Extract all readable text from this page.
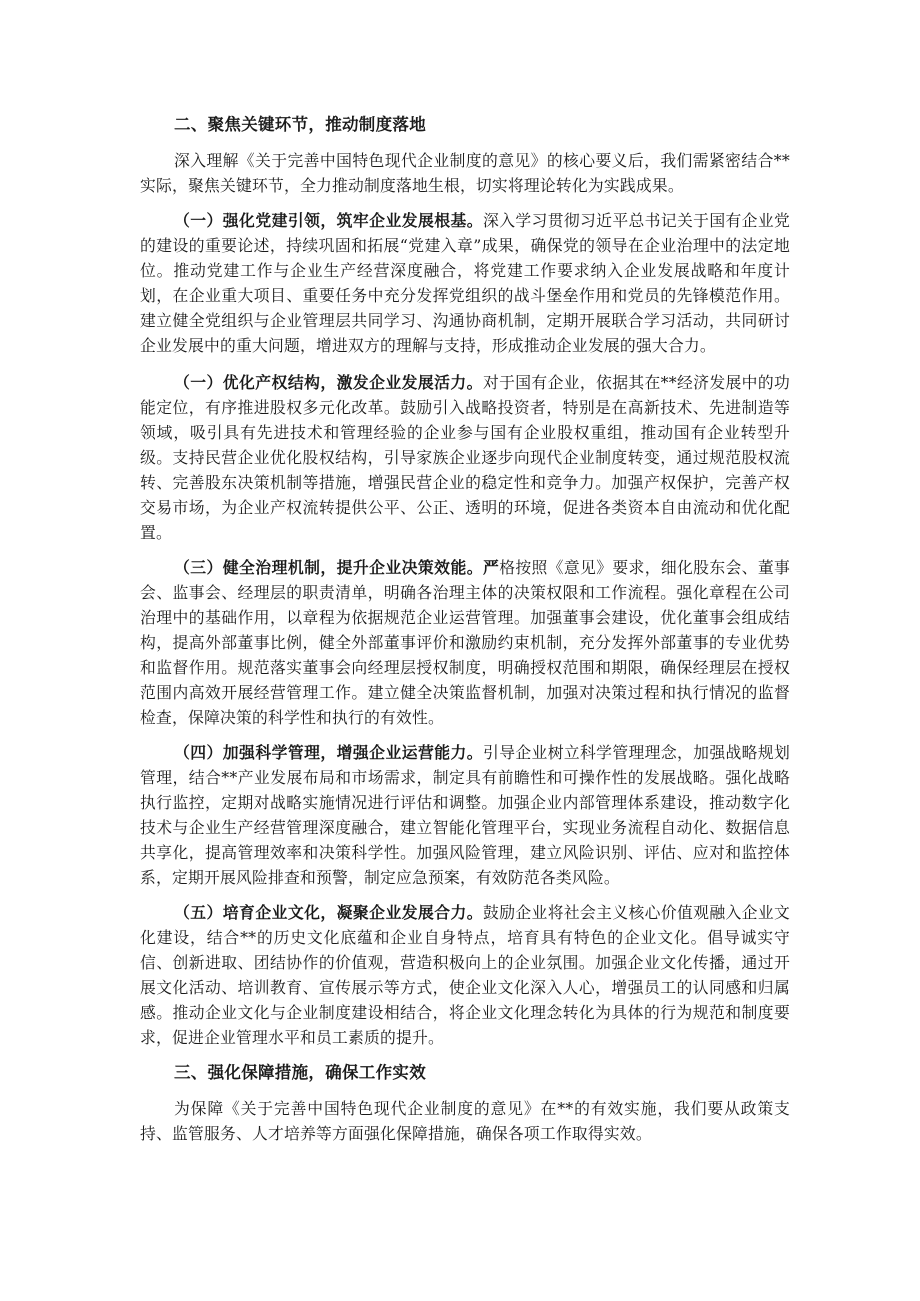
二、聚焦关键环节，推动制度落地

深入理解《关于完善中国特色现代企业制度的意见》的核心要义后，我们需紧密结合**实际，聚焦关键环节，全力推动制度落地生根，切实将理论转化为实践成果。

（一）强化党建引领，筑牢企业发展根基。深入学习贯彻习近平总书记关于国有企业党的建设的重要论述，持续巩固和拓展“党建入章”成果，确保党的领导在企业治理中的法定地位。推动党建工作与企业生产经营深度融合，将党建工作要求纳入企业发展战略和年度计划，在企业重大项目、重要任务中充分发挥党组织的战斗堡垒作用和党员的先锋模范作用。建立健全党组织与企业管理层共同学习、沟通协商机制，定期开展联合学习活动，共同研讨企业发展中的重大问题，增进双方的理解与支持，形成推动企业发展的强大合力。

（一）优化产权结构，激发企业发展活力。对于国有企业，依据其在**经济发展中的功能定位，有序推进股权多元化改革。鼓励引入战略投资者，特别是在高新技术、先进制造等领域，吸引具有先进技术和管理经验的企业参与国有企业股权重组，推动国有企业转型升级。支持民营企业优化股权结构，引导家族企业逐步向现代企业制度转变，通过规范股权流转、完善股东决策机制等措施，增强民营企业的稳定性和竞争力。加强产权保护，完善产权交易市场，为企业产权流转提供公平、公正、透明的环境，促进各类资本自由流动和优化配置。

（三）健全治理机制，提升企业决策效能。严格按照《意见》要求，细化股东会、董事会、监事会、经理层的职责清单，明确各治理主体的决策权限和工作流程。强化章程在公司治理中的基础作用，以章程为依据规范企业运营管理。加强董事会建设，优化董事会组成结构，提高外部董事比例，健全外部董事评价和激励约束机制，充分发挥外部董事的专业优势和监督作用。规范落实董事会向经理层授权制度，明确授权范围和期限，确保经理层在授权范围内高效开展经营管理工作。建立健全决策监督机制，加强对决策过程和执行情况的监督检查，保障决策的科学性和执行的有效性。

（四）加强科学管理，增强企业运营能力。引导企业树立科学管理理念，加强战略规划管理，结合**产业发展布局和市场需求，制定具有前瞻性和可操作性的发展战略。强化战略执行监控，定期对战略实施情况进行评估和调整。加强企业内部管理体系建设，推动数字化技术与企业生产经营管理深度融合，建立智能化管理平台，实现业务流程自动化、数据信息共享化，提高管理效率和决策科学性。加强风险管理，建立风险识别、评估、应对和监控体系，定期开展风险排查和预警，制定应急预案，有效防范各类风险。

（五）培育企业文化，凝聚企业发展合力。鼓励企业将社会主义核心价值观融入企业文化建设，结合**的历史文化底蕴和企业自身特点，培育具有特色的企业文化。倡导诚实守信、创新进取、团结协作的价值观，营造积极向上的企业氛围。加强企业文化传播，通过开展文化活动、培训教育、宣传展示等方式，使企业文化深入人心，增强员工的认同感和归属感。推动企业文化与企业制度建设相结合，将企业文化理念转化为具体的行为规范和制度要求，促进企业管理水平和员工素质的提升。

三、强化保障措施，确保工作实效

为保障《关于完善中国特色现代企业制度的意见》在**的有效实施，我们要从政策支持、监管服务、人才培养等方面强化保障措施，确保各项工作取得实效。
